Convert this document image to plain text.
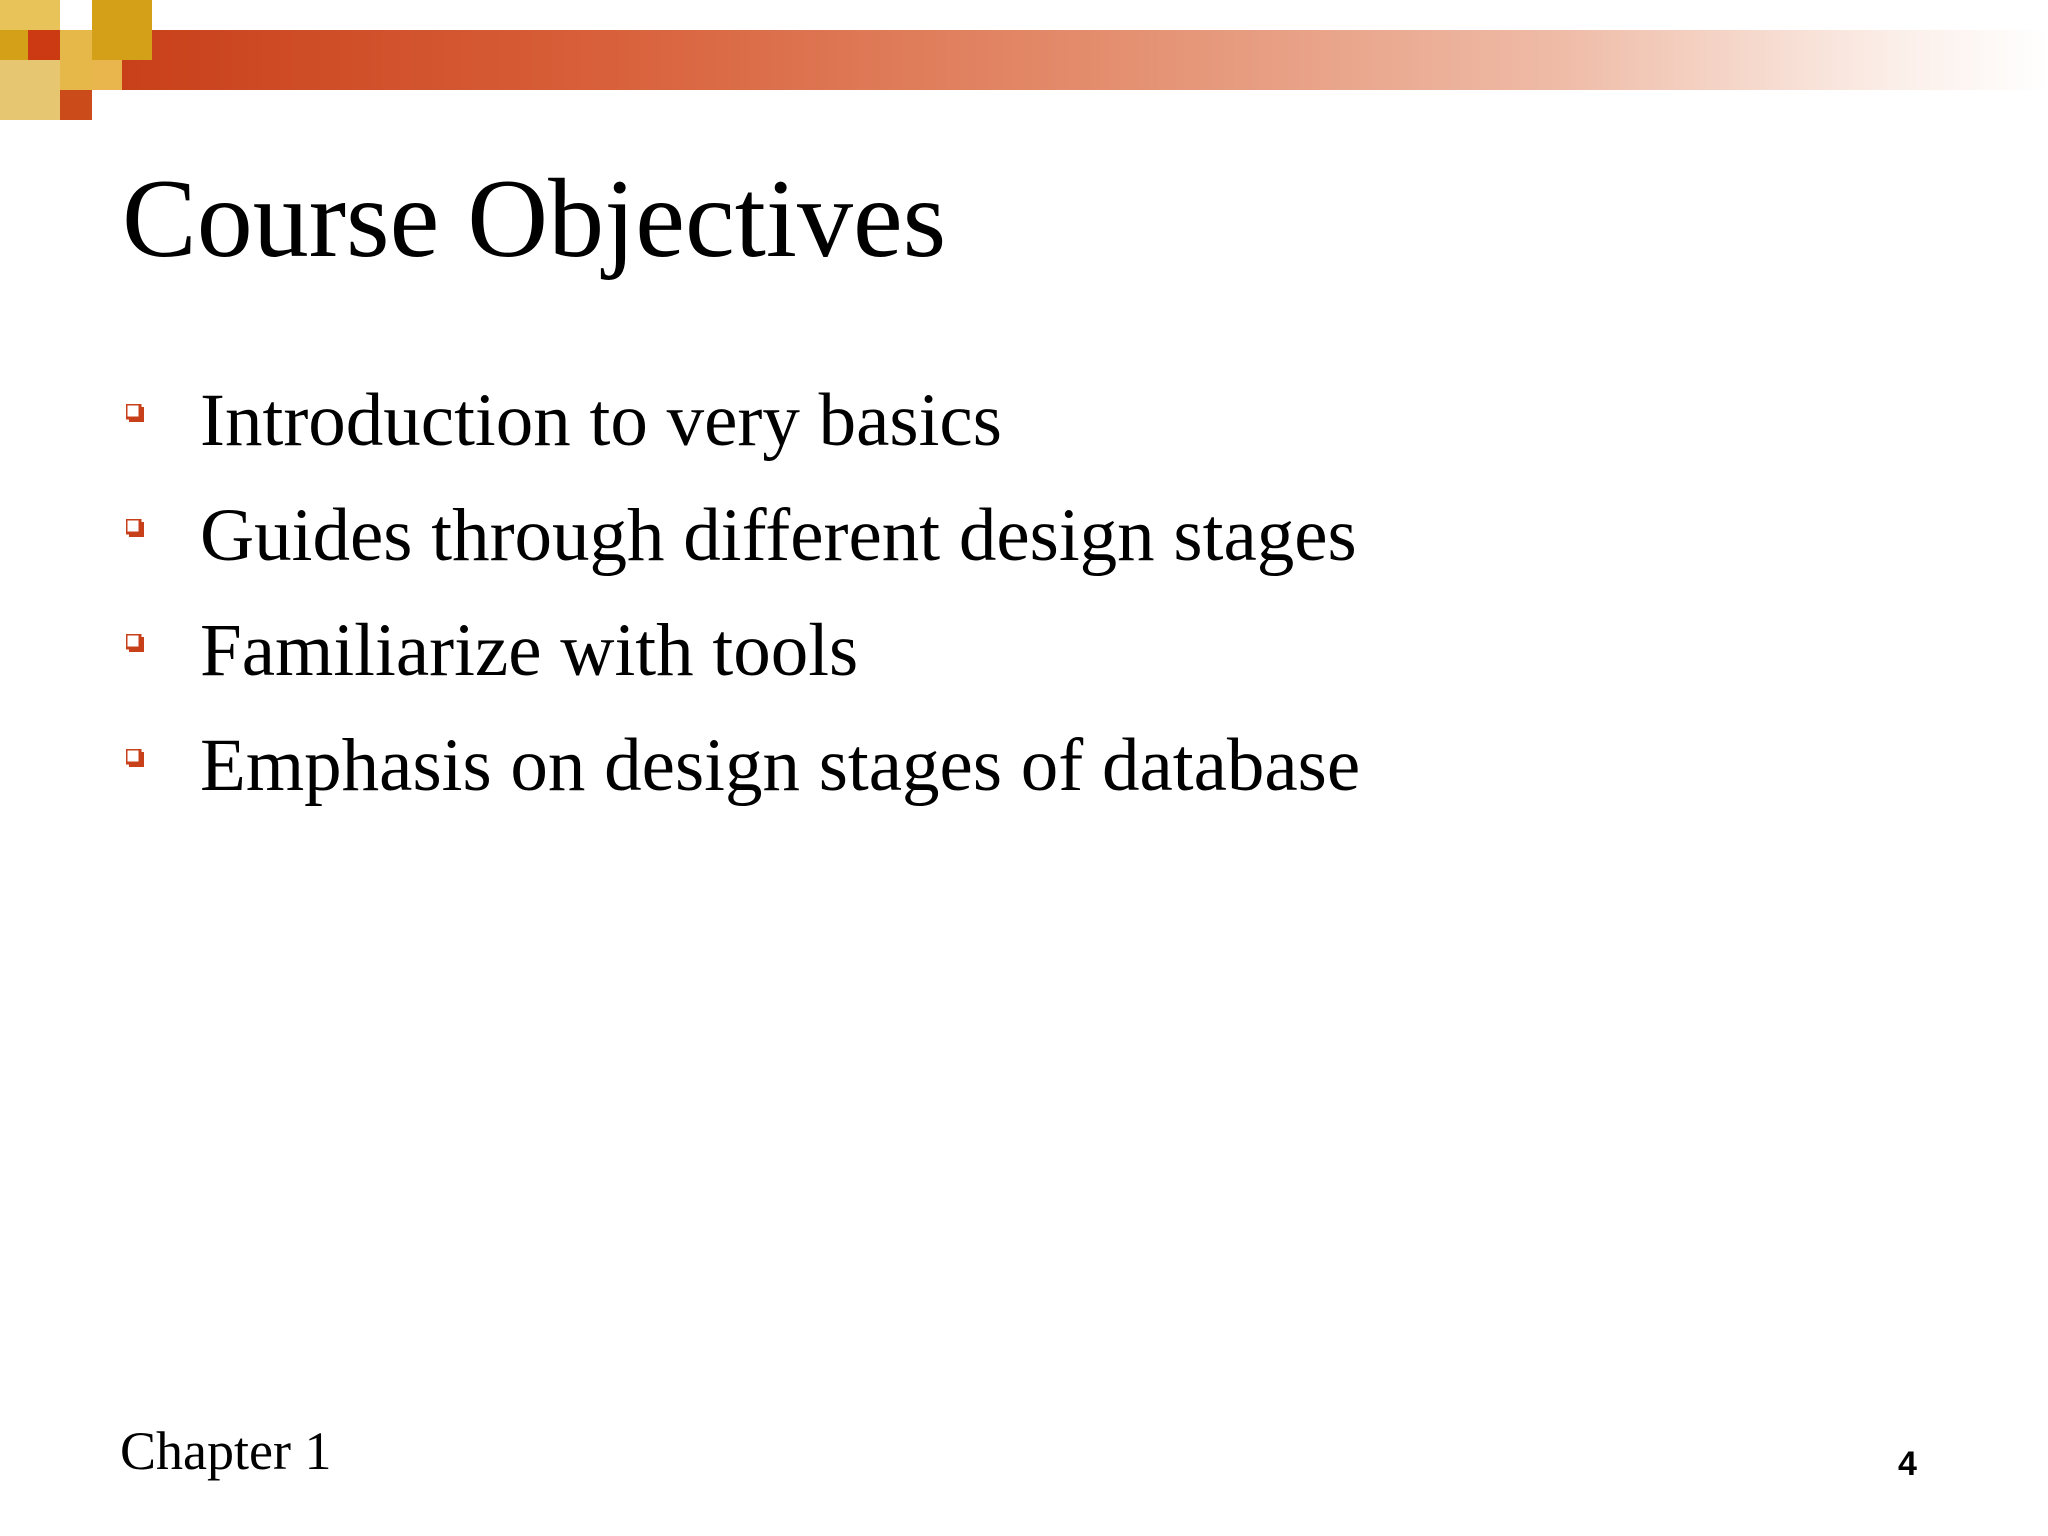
Course Objectives
Introduction to very basics
Guides through different design stages
Familiarize with tools
Emphasis on design stages of database
Chapter 1	4
